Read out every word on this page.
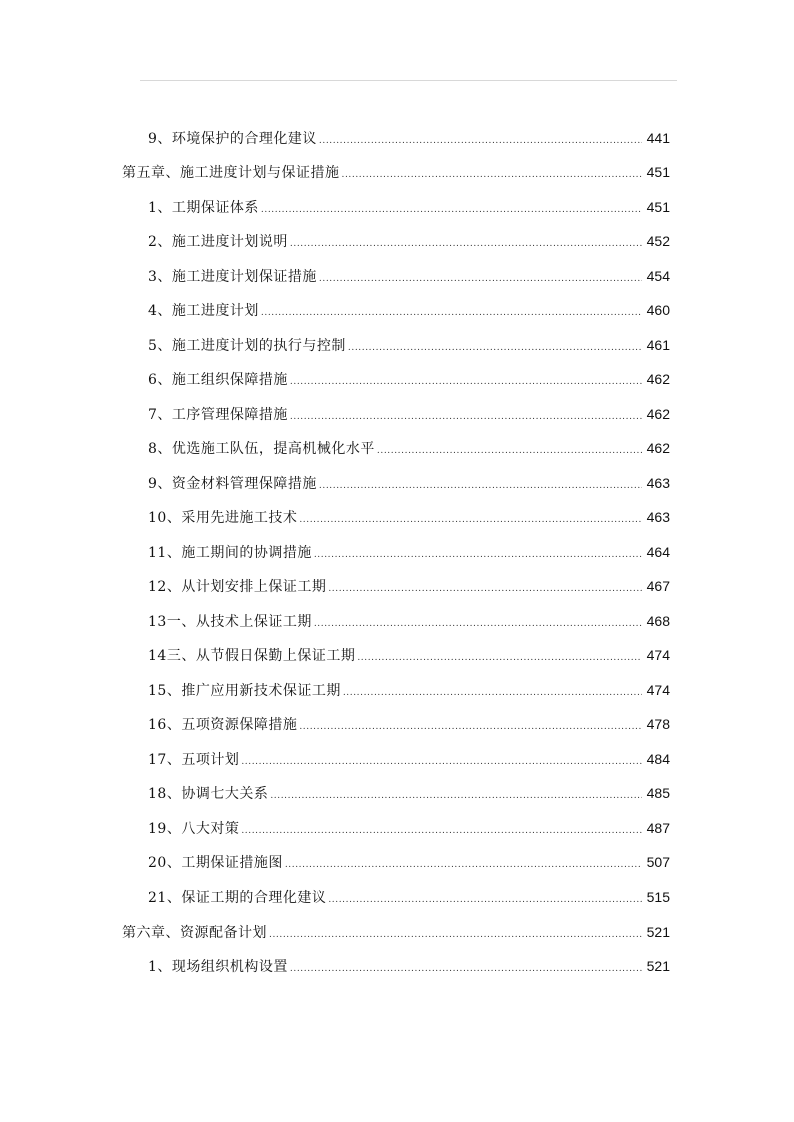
9、环境保护的合理化建议 .....	441
第五章、施工进度计划与保证措施 .....	451
1、工期保证体系 .....	451
2、施工进度计划说明 .....	452
3、施工进度计划保证措施 .....	454
4、施工进度计划 .....	460
5、施工进度计划的执行与控制 .....	461
6、施工组织保障措施 .....	462
7、工序管理保障措施 .....	462
8、优选施工队伍，提高机械化水平 .....	462
9、资金材料管理保障措施 .....	463
10、采用先进施工技术 .....	463
11、施工期间的协调措施 .....	464
12、从计划安排上保证工期 .....	467
13一、从技术上保证工期 .....	468
14三、从节假日保勤上保证工期 .....	474
15、推广应用新技术保证工期 .....	474
16、五项资源保障措施 .....	478
17、五项计划 .....	484
18、协调七大关系 .....	485
19、八大对策 .....	487
20、工期保证措施图 .....	507
21、保证工期的合理化建议 .....	515
第六章、资源配备计划 .....	521
1、现场组织机构设置 .....	521
